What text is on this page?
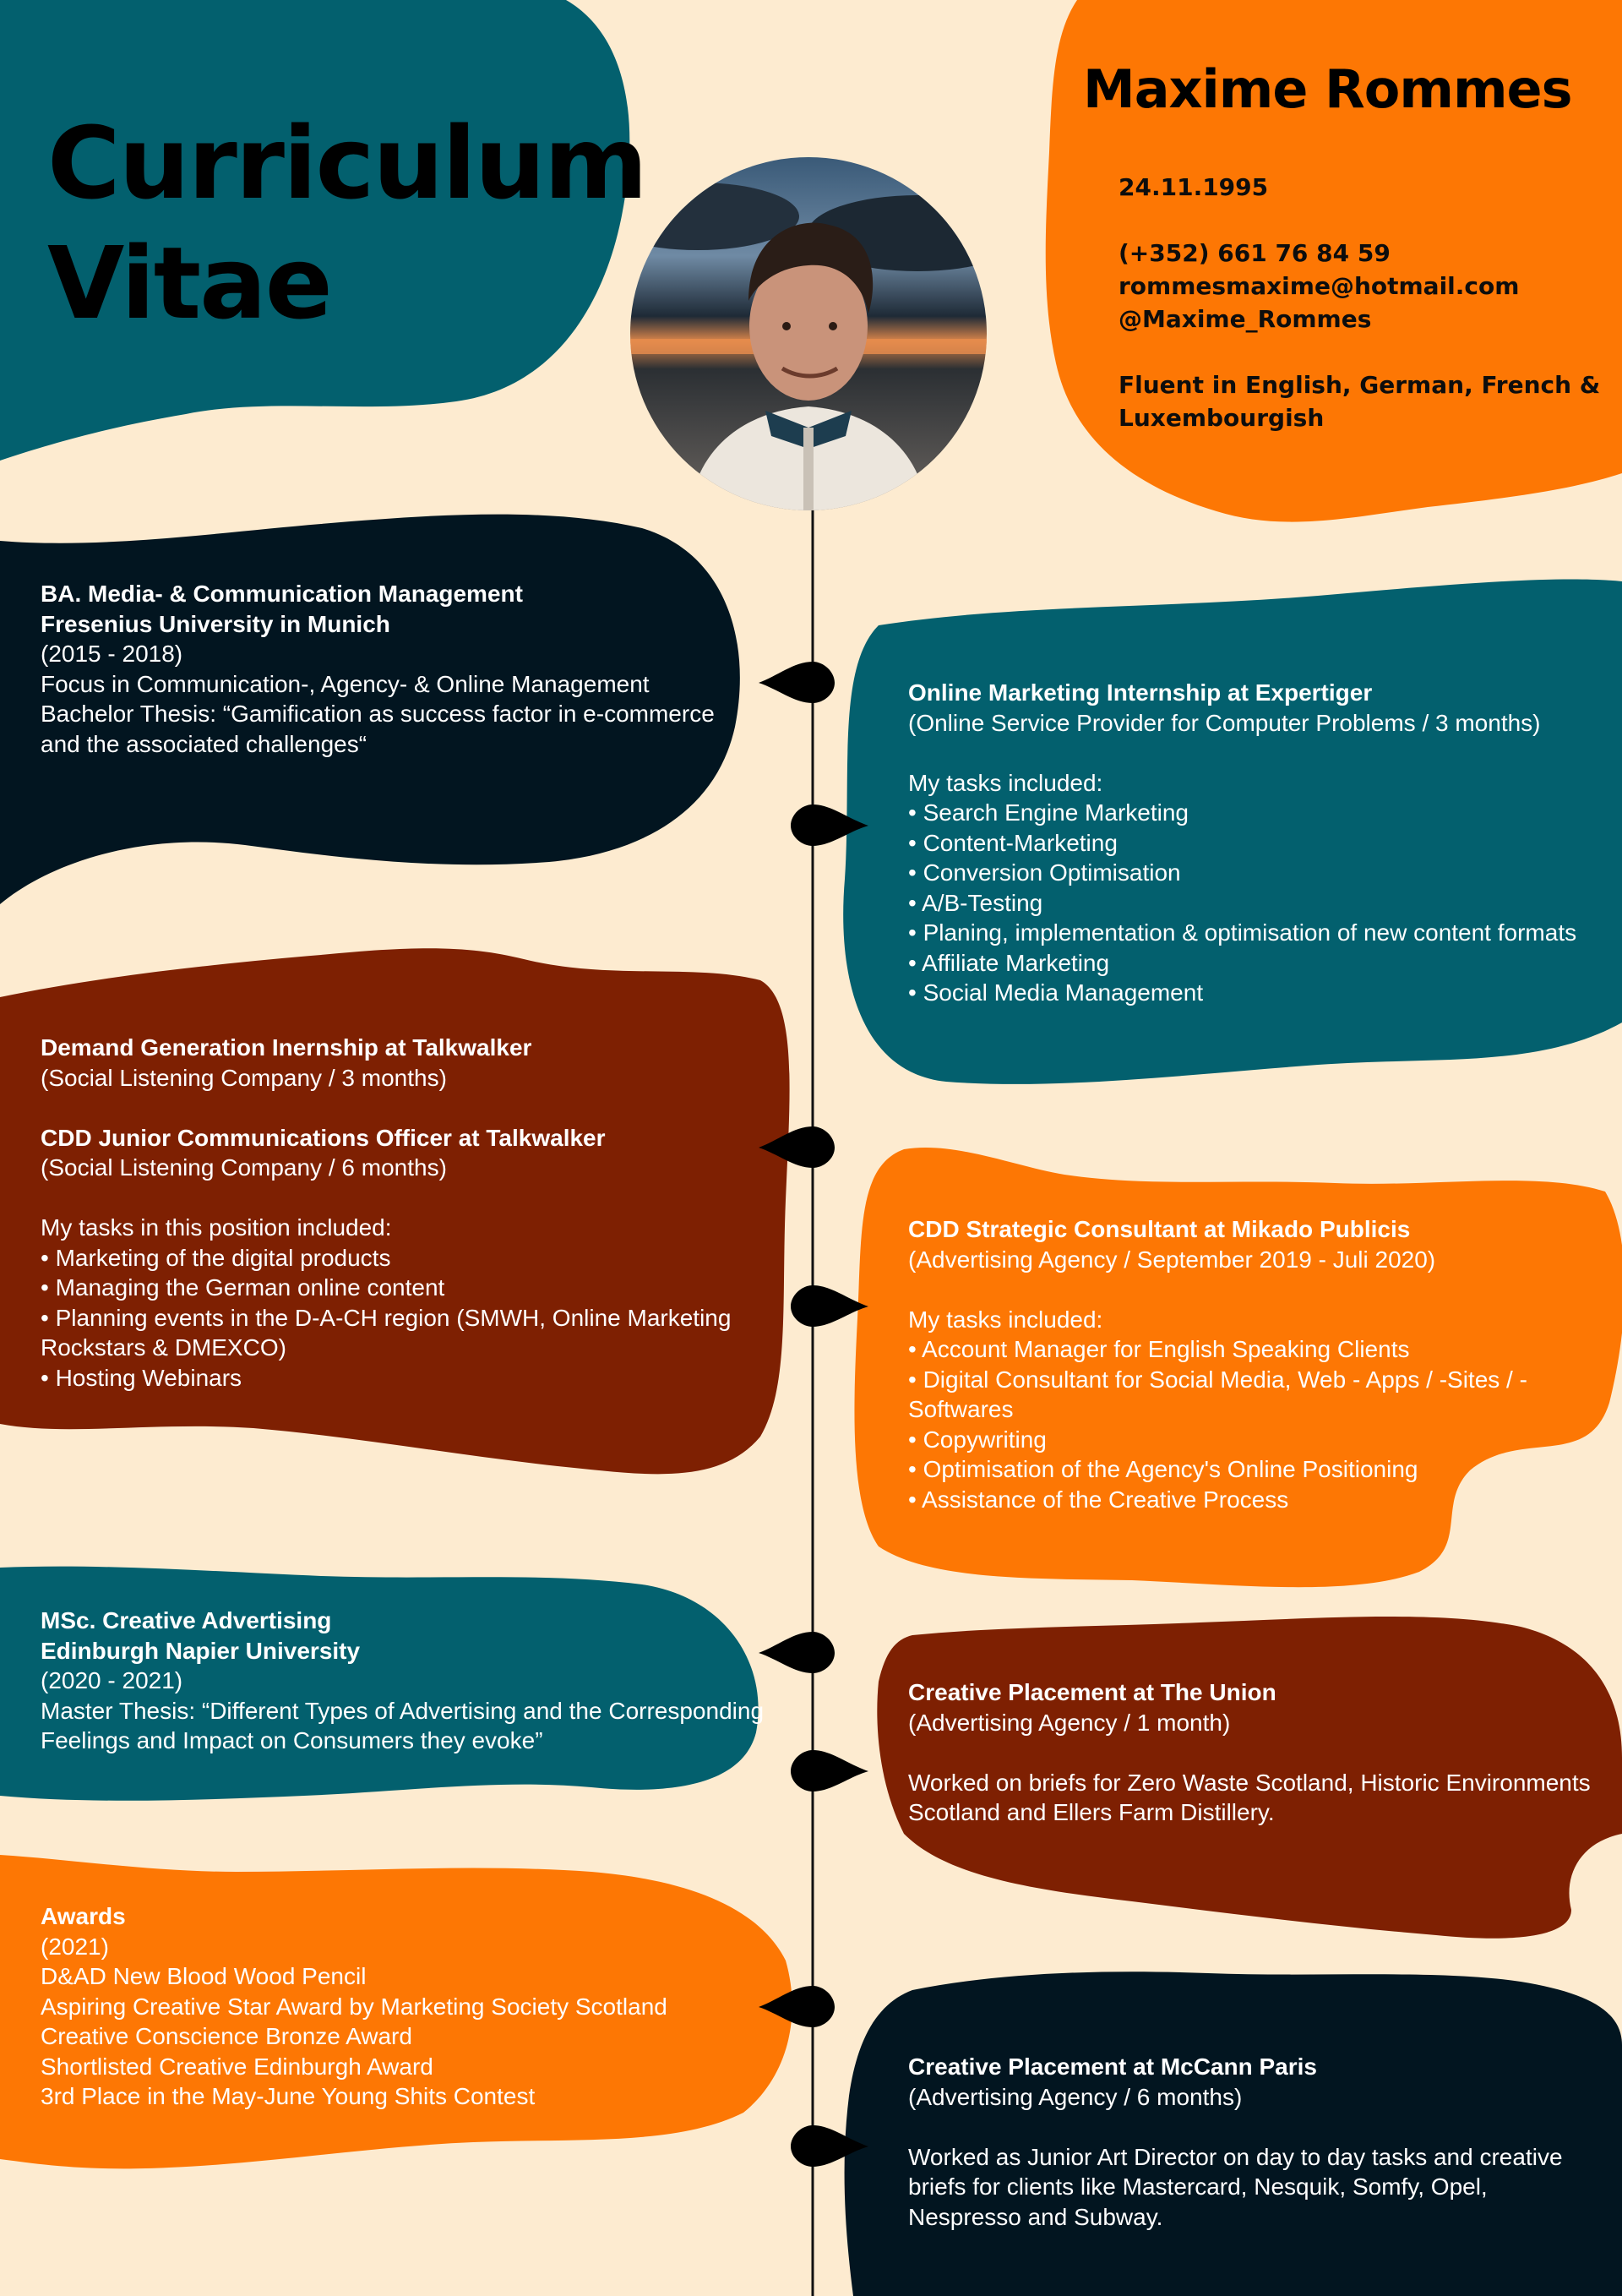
Curriculum
Vitae
Maxime Rommes

24.11.1995

(+352) 661 76 84 59

rommesmaxime@hotmail.com

@Maxime_Rommes

Fluent in English, German, French & Luxembourgish

BA. Media- & Communication Management

Fresenius University in Munich

(2015 - 2018)

Focus in Communication-, Agency- & Online Management

Bachelor Thesis: “Gamification as success factor in e-commerce and the associated challenges“

Online Marketing Internship at Expertiger

(Online Service Provider for Computer Problems / 3 months)

My tasks included:

• Search Engine Marketing

• Content-Marketing

• Conversion Optimisation

• A/B-Testing

• Planing, implementation & optimisation of new content formats

• Affiliate Marketing

• Social Media Management

Demand Generation Inernship at Talkwalker

(Social Listening Company / 3 months)

CDD Junior Communications Officer at Talkwalker

(Social Listening Company / 6 months)

My tasks in this position included:

• Marketing of the digital products

• Managing the German online content

• Planning events in the D-A-CH region (SMWH, Online Marketing Rockstars & DMEXCO)

• Hosting Webinars

CDD Strategic Consultant at Mikado Publicis

(Advertising Agency / September 2019 - Juli 2020)

My tasks included:

• Account Manager for English Speaking Clients

• Digital Consultant for Social Media, Web - Apps / -Sites / -Softwares

• Copywriting

• Optimisation of the Agency's Online Positioning

• Assistance of the Creative Process

MSc. Creative Advertising

Edinburgh Napier University

(2020 - 2021)

Master Thesis: “Different Types of Advertising and the Corresponding Feelings and Impact on Consumers they evoke”

Creative Placement at The Union

(Advertising Agency / 1 month)

Worked on briefs for Zero Waste Scotland, Historic Environments Scotland and Ellers Farm Distillery.

Awards

(2021)

D&AD New Blood Wood Pencil

Aspiring Creative Star Award by Marketing Society Scotland

Creative Conscience Bronze Award

Shortlisted Creative Edinburgh Award

3rd Place in the May-June Young Shits Contest

Creative Placement at McCann Paris

(Advertising Agency / 6 months)

Worked as Junior Art Director on day to day tasks and creative briefs for clients like Mastercard, Nesquik, Somfy, Opel, Nespresso and Subway.
